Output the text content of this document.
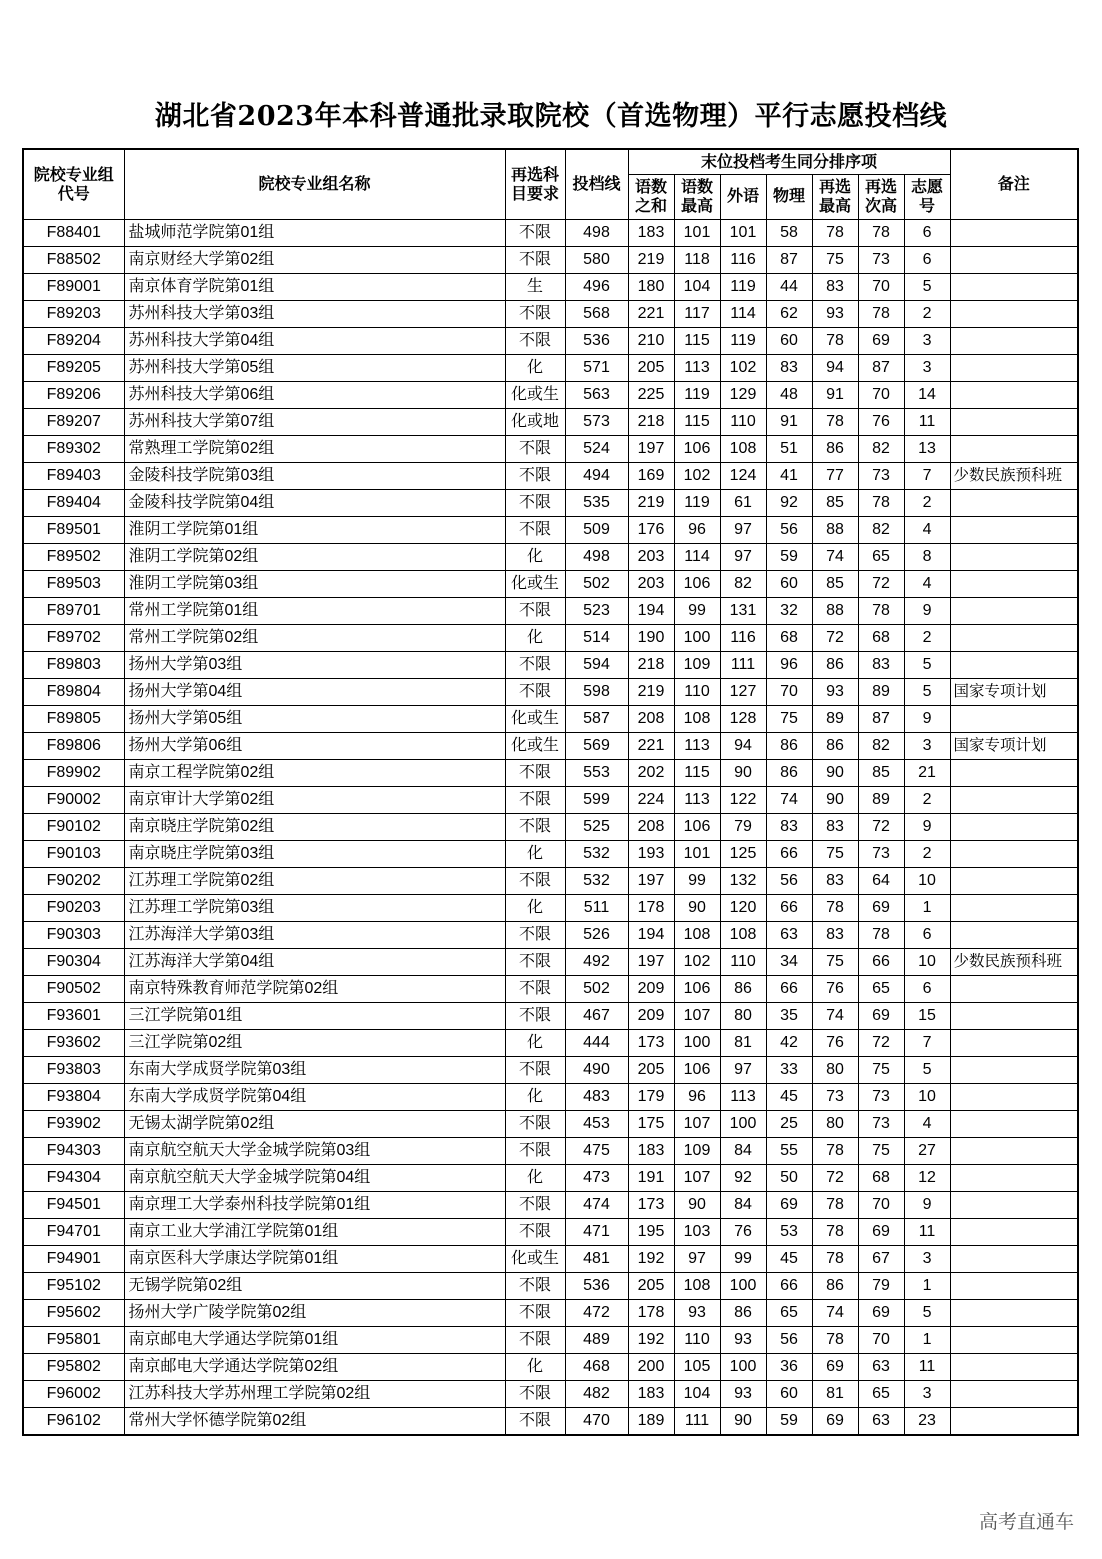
湖北省2023年本科普通批录取院校（首选物理）平行志愿投档线
院校专业组代号	院校专业组名称	再选科目要求	投档线	末位投档考生同分排序项							备注
				语数之和	语数最高	外语	物理	再选最高	再选次高	志愿号	
F88401	盐城师范学院第01组	不限	498	183	101	101	58	78	78	6	
F88502	南京财经大学第02组	不限	580	219	118	116	87	75	73	6	
F89001	南京体育学院第01组	生	496	180	104	119	44	83	70	5	
F89203	苏州科技大学第03组	不限	568	221	117	114	62	93	78	2	
F89204	苏州科技大学第04组	不限	536	210	115	119	60	78	69	3	
F89205	苏州科技大学第05组	化	571	205	113	102	83	94	87	3	
F89206	苏州科技大学第06组	化或生	563	225	119	129	48	91	70	14	
F89207	苏州科技大学第07组	化或地	573	218	115	110	91	78	76	11	
F89302	常熟理工学院第02组	不限	524	197	106	108	51	86	82	13	
F89403	金陵科技学院第03组	不限	494	169	102	124	41	77	73	7	少数民族预科班
F89404	金陵科技学院第04组	不限	535	219	119	61	92	85	78	2	
F89501	淮阴工学院第01组	不限	509	176	96	97	56	88	82	4	
F89502	淮阴工学院第02组	化	498	203	114	97	59	74	65	8	
F89503	淮阴工学院第03组	化或生	502	203	106	82	60	85	72	4	
F89701	常州工学院第01组	不限	523	194	99	131	32	88	78	9	
F89702	常州工学院第02组	化	514	190	100	116	68	72	68	2	
F89803	扬州大学第03组	不限	594	218	109	111	96	86	83	5	
F89804	扬州大学第04组	不限	598	219	110	127	70	93	89	5	国家专项计划
F89805	扬州大学第05组	化或生	587	208	108	128	75	89	87	9	
F89806	扬州大学第06组	化或生	569	221	113	94	86	86	82	3	国家专项计划
F89902	南京工程学院第02组	不限	553	202	115	90	86	90	85	21	
F90002	南京审计大学第02组	不限	599	224	113	122	74	90	89	2	
F90102	南京晓庄学院第02组	不限	525	208	106	79	83	83	72	9	
F90103	南京晓庄学院第03组	化	532	193	101	125	66	75	73	2	
F90202	江苏理工学院第02组	不限	532	197	99	132	56	83	64	10	
F90203	江苏理工学院第03组	化	511	178	90	120	66	78	69	1	
F90303	江苏海洋大学第03组	不限	526	194	108	108	63	83	78	6	
F90304	江苏海洋大学第04组	不限	492	197	102	110	34	75	66	10	少数民族预科班
F90502	南京特殊教育师范学院第02组	不限	502	209	106	86	66	76	65	6	
F93601	三江学院第01组	不限	467	209	107	80	35	74	69	15	
F93602	三江学院第02组	化	444	173	100	81	42	76	72	7	
F93803	东南大学成贤学院第03组	不限	490	205	106	97	33	80	75	5	
F93804	东南大学成贤学院第04组	化	483	179	96	113	45	73	73	10	
F93902	无锡太湖学院第02组	不限	453	175	107	100	25	80	73	4	
F94303	南京航空航天大学金城学院第03组	不限	475	183	109	84	55	78	75	27	
F94304	南京航空航天大学金城学院第04组	化	473	191	107	92	50	72	68	12	
F94501	南京理工大学泰州科技学院第01组	不限	474	173	90	84	69	78	70	9	
F94701	南京工业大学浦江学院第01组	不限	471	195	103	76	53	78	69	11	
F94901	南京医科大学康达学院第01组	化或生	481	192	97	99	45	78	67	3	
F95102	无锡学院第02组	不限	536	205	108	100	66	86	79	1	
F95602	扬州大学广陵学院第02组	不限	472	178	93	86	65	74	69	5	
F95801	南京邮电大学通达学院第01组	不限	489	192	110	93	56	78	70	1	
F95802	南京邮电大学通达学院第02组	化	468	200	105	100	36	69	63	11	
F96002	江苏科技大学苏州理工学院第02组	不限	482	183	104	93	60	81	65	3	
F96102	常州大学怀德学院第02组	不限	470	189	111	90	59	69	63	23	
高考直通车
